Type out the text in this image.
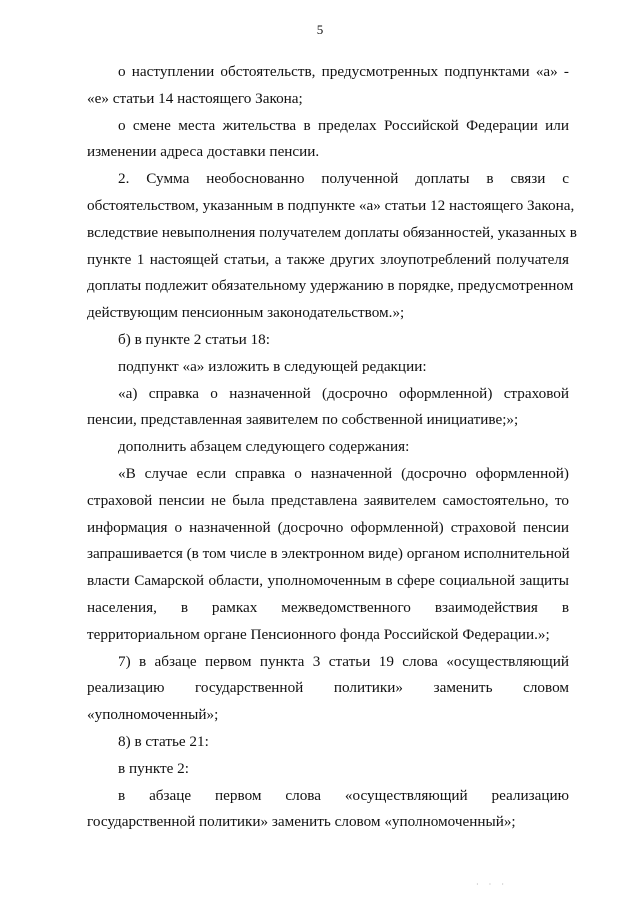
5
о наступлении обстоятельств, предусмотренных подпунктами «а» -
«е» статьи 14 настоящего Закона;
о смене места жительства в пределах Российской Федерации или
изменении адреса доставки пенсии.
2. Сумма необоснованно полученной доплаты в связи с
обстоятельством, указанным в подпункте «а» статьи 12 настоящего Закона,
вследствие невыполнения получателем доплаты обязанностей, указанных в
пункте 1 настоящей статьи, а также других злоупотреблений получателя
доплаты подлежит обязательному удержанию в порядке, предусмотренном
действующим пенсионным законодательством.»;
б) в пункте 2 статьи 18:
подпункт «а» изложить в следующей редакции:
«а) справка о назначенной (досрочно оформленной) страховой
пенсии, представленная заявителем по собственной инициативе;»;
дополнить абзацем следующего содержания:
«В случае если справка о назначенной (досрочно оформленной)
страховой пенсии не была представлена заявителем самостоятельно, то
информация о назначенной (досрочно оформленной) страховой пенсии
запрашивается (в том числе в электронном виде) органом исполнительной
власти Самарской области, уполномоченным в сфере социальной защиты
населения, в рамках межведомственного взаимодействия в
территориальном органе Пенсионного фонда Российской Федерации.»;
7) в абзаце первом пункта 3 статьи 19 слова «осуществляющий
реализацию государственной политики» заменить словом
«уполномоченный»;
8) в статье 21:
в пункте 2:
в абзаце первом слова «осуществляющий реализацию
государственной политики» заменить словом «уполномоченный»;
· · ·
